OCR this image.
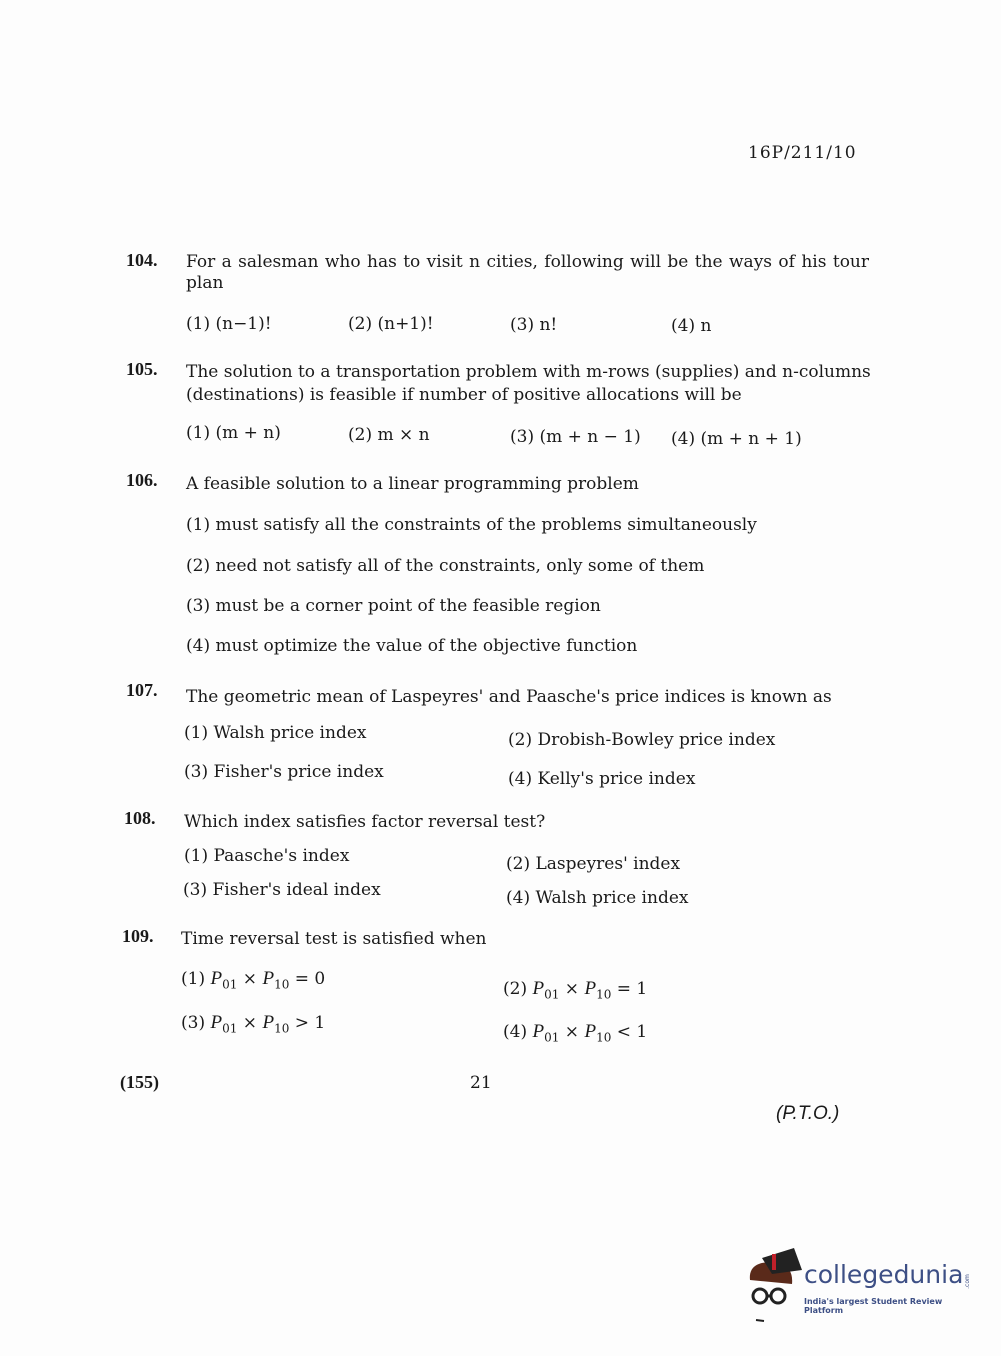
16P/211/10
104. For a salesman who has to visit n cities, following will be the ways of his tour
plan
(1) (n−1)!	(2) (n+1)!	(3) n!	(4) n
105. The solution to a transportation problem with m-rows (supplies) and n-columns
(destinations) is feasible if number of positive allocations will be
(1) (m + n)	(2) m × n	(3) (m + n − 1) (4) (m + n + 1)
106. A feasible solution to a linear programming problem
(1) must satisfy all the constraints of the problems simultaneously
(2) need not satisfy all of the constraints, only some of them
(3) must be a corner point of the feasible region
(4) must optimize the value of the objective function
107. The geometric mean of Laspeyres' and Paasche's price indices is known as
(1) Walsh price index	(2) Drobish-Bowley price index
(3) Fisher's price index	(4) Kelly's price index
108. Which index satisfies factor reversal test?
(1) Paasche's index	(2) Laspeyres' index
(3) Fisher's ideal index	(4) Walsh price index
109. Time reversal test is satisfied when
(1) $P_{01} \times P_{10} = 0$	(2) $P_{01} \times P_{10} = 1$
(3) $P_{01} \times P_{10} > 1$	(4) $P_{01} \times P_{10} < 1$
(155)	21
(P.T.O.)
collegedunia .com
India's largest Student Review Platform
